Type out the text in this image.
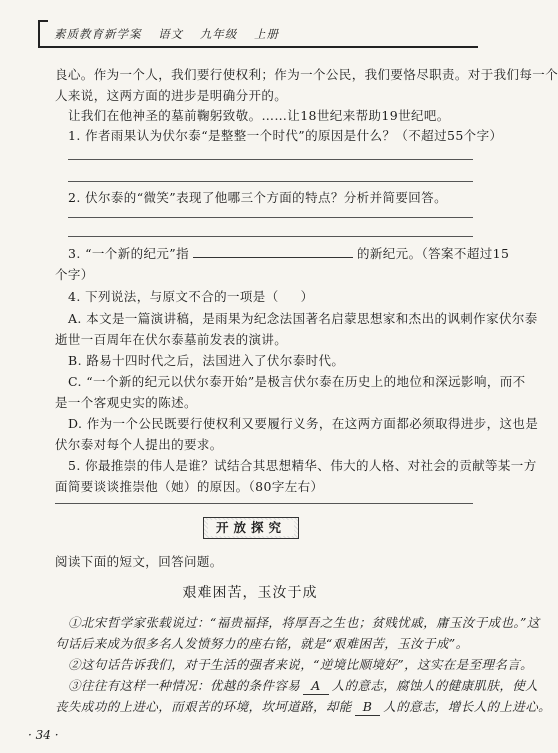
素质教育新学案 语文 九年级 上册
良心。作为一个人，我们要行使权利；作为一个公民，我们要恪尽职责。对于我们每一个
人来说，这两方面的进步是明确分开的。
让我们在他神圣的墓前鞠躬致敬。……让18世纪来帮助19世纪吧。
1. 作者雨果认为伏尔泰“是整整一个时代”的原因是什么？（不超过55个字）
2. 伏尔泰的“微笑”表现了他哪三个方面的特点？分析并简要回答。
3. “一个新的纪元”指	的新纪元。（答案不超过15
个字）
4. 下列说法，与原文不合的一项是（ ）
A. 本文是一篇演讲稿，是雨果为纪念法国著名启蒙思想家和杰出的讽刺作家伏尔泰
逝世一百周年在伏尔泰墓前发表的演讲。
B. 路易十四时代之后，法国进入了伏尔泰时代。
C. “一个新的纪元以伏尔泰开始”是极言伏尔泰在历史上的地位和深远影响，而不
是一个客观史实的陈述。
D. 作为一个公民既要行使权利又要履行义务，在这两方面都必须取得进步，这也是
伏尔泰对每个人提出的要求。
5. 你最推崇的伟人是谁？试结合其思想精华、伟大的人格、对社会的贡献等某一方
面简要谈谈推崇他（她）的原因。（80字左右）
开放探究
阅读下面的短文，回答问题。
艰难困苦，玉汝于成
①北宋哲学家张载说过：“福贵福择，将厚吾之生也；贫贱忧戚，庸玉汝于成也。”这
句话后来成为很多名人发愤努力的座右铭，就是“艰难困苦，玉汝于成”。
②这句话告诉我们，对于生活的强者来说，“逆境比顺境好”，这实在是至理名言。
③往往有这样一种情况：优越的条件容易 A 人的意志，腐蚀人的健康肌肤，使人
丧失成功的上进心，而艰苦的环境，坎坷道路，却能 B 人的意志，增长人的上进心。
· 34 ·
